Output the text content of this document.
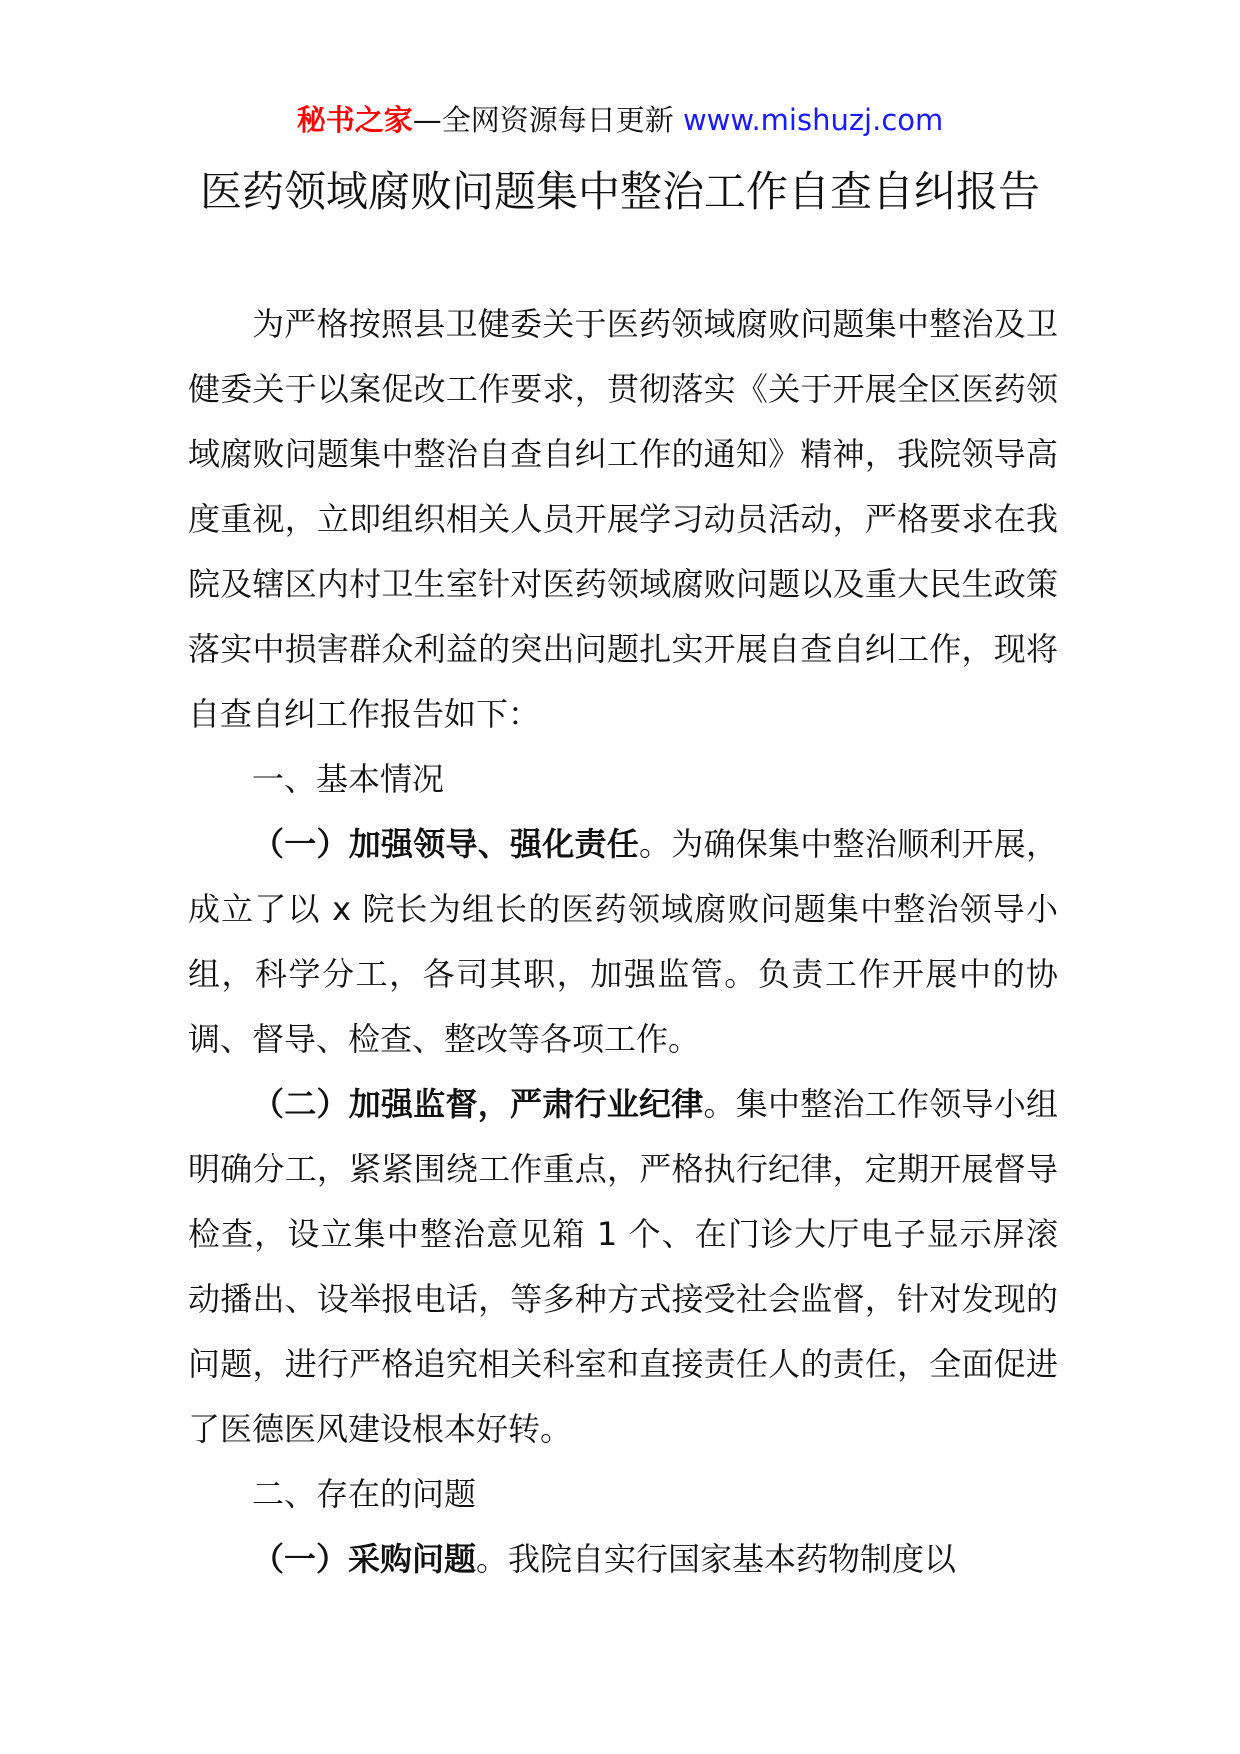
秘书之家—全网资源每日更新 www.mishuzj.com
医药领域腐败问题集中整治工作自查自纠报告

为严格按照县卫健委关于医药领域腐败问题集中整治及卫健委关于以案促改工作要求，贯彻落实《关于开展全区医药领域腐败问题集中整治自查自纠工作的通知》精神，我院领导高度重视，立即组织相关人员开展学习动员活动，严格要求在我院及辖区内村卫生室针对医药领域腐败问题以及重大民生政策落实中损害群众利益的突出问题扎实开展自查自纠工作，现将自查自纠工作报告如下：

一、基本情况

（一）加强领导、强化责任。为确保集中整治顺利开展，成立了以 x 院长为组长的医药领域腐败问题集中整治领导小组，科学分工，各司其职，加强监管。负责工作开展中的协调、督导、检查、整改等各项工作。

（二）加强监督，严肃行业纪律。集中整治工作领导小组明确分工，紧紧围绕工作重点，严格执行纪律，定期开展督导检查，设立集中整治意见箱 1 个、在门诊大厅电子显示屏滚动播出、设举报电话，等多种方式接受社会监督，针对发现的问题，进行严格追究相关科室和直接责任人的责任，全面促进了医德医风建设根本好转。

二、存在的问题

（一）采购问题。我院自实行国家基本药物制度以
